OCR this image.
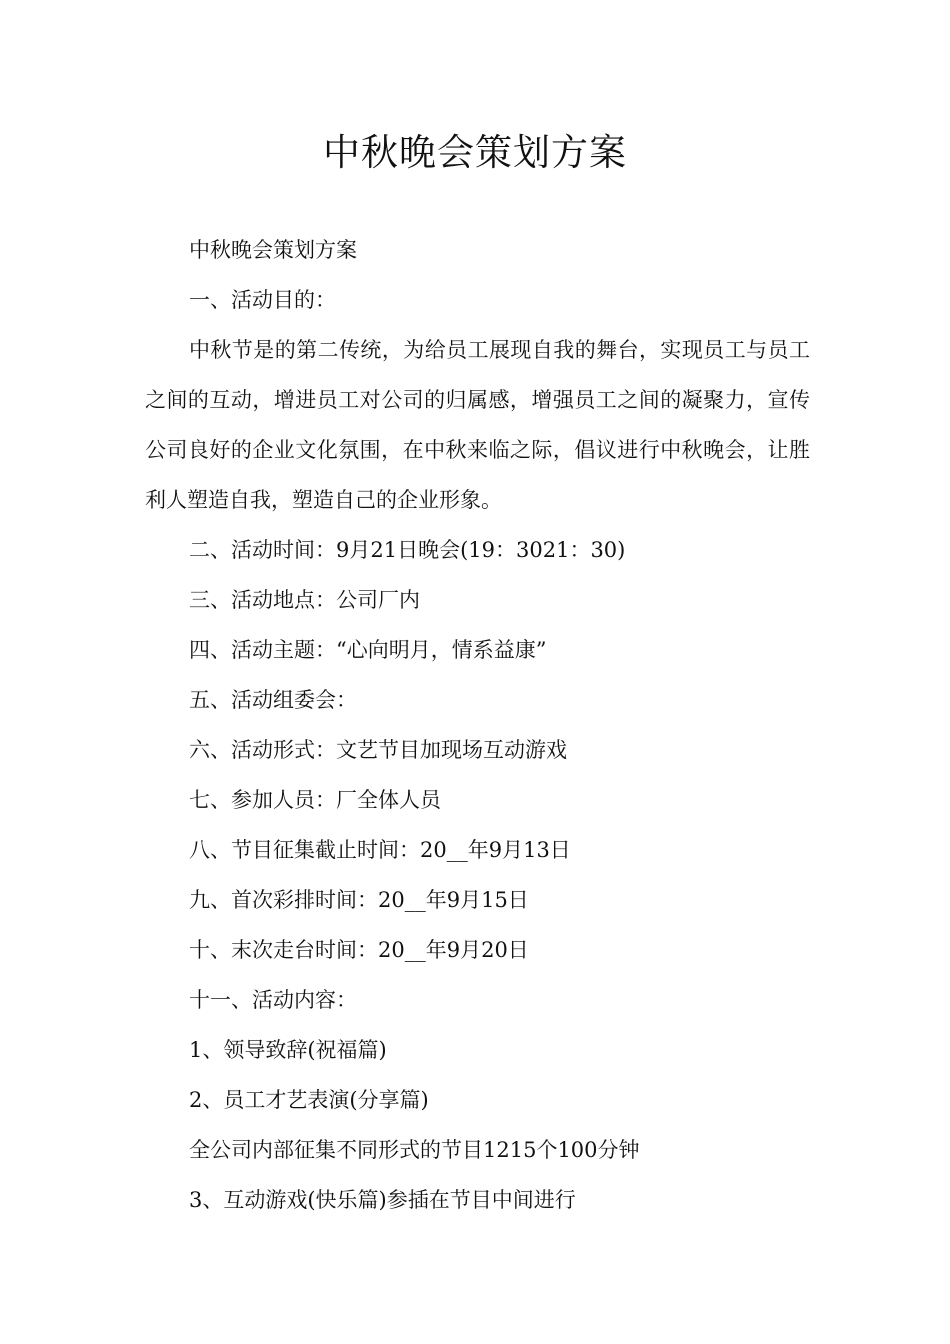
中秋晚会策划方案

中秋晚会策划方案

一、活动目的：

中秋节是的第二传统，为给员工展现自我的舞台，实现员工与员工之间的互动，增进员工对公司的归属感，增强员工之间的凝聚力，宣传公司良好的企业文化氛围，在中秋来临之际，倡议进行中秋晚会，让胜利人塑造自我，塑造自己的企业形象。

二、活动时间：9月21日晚会(19：3021：30)

三、活动地点：公司厂内

四、活动主题：“心向明月，情系益康”

五、活动组委会：

六、活动形式：文艺节目加现场互动游戏

七、参加人员：厂全体人员

八、节目征集截止时间：20__年9月13日

九、首次彩排时间：20__年9月15日

十、末次走台时间：20__年9月20日

十一、活动内容：

1、领导致辞(祝福篇)

2、员工才艺表演(分享篇)

全公司内部征集不同形式的节目1215个100分钟

3、互动游戏(快乐篇)参插在节目中间进行
